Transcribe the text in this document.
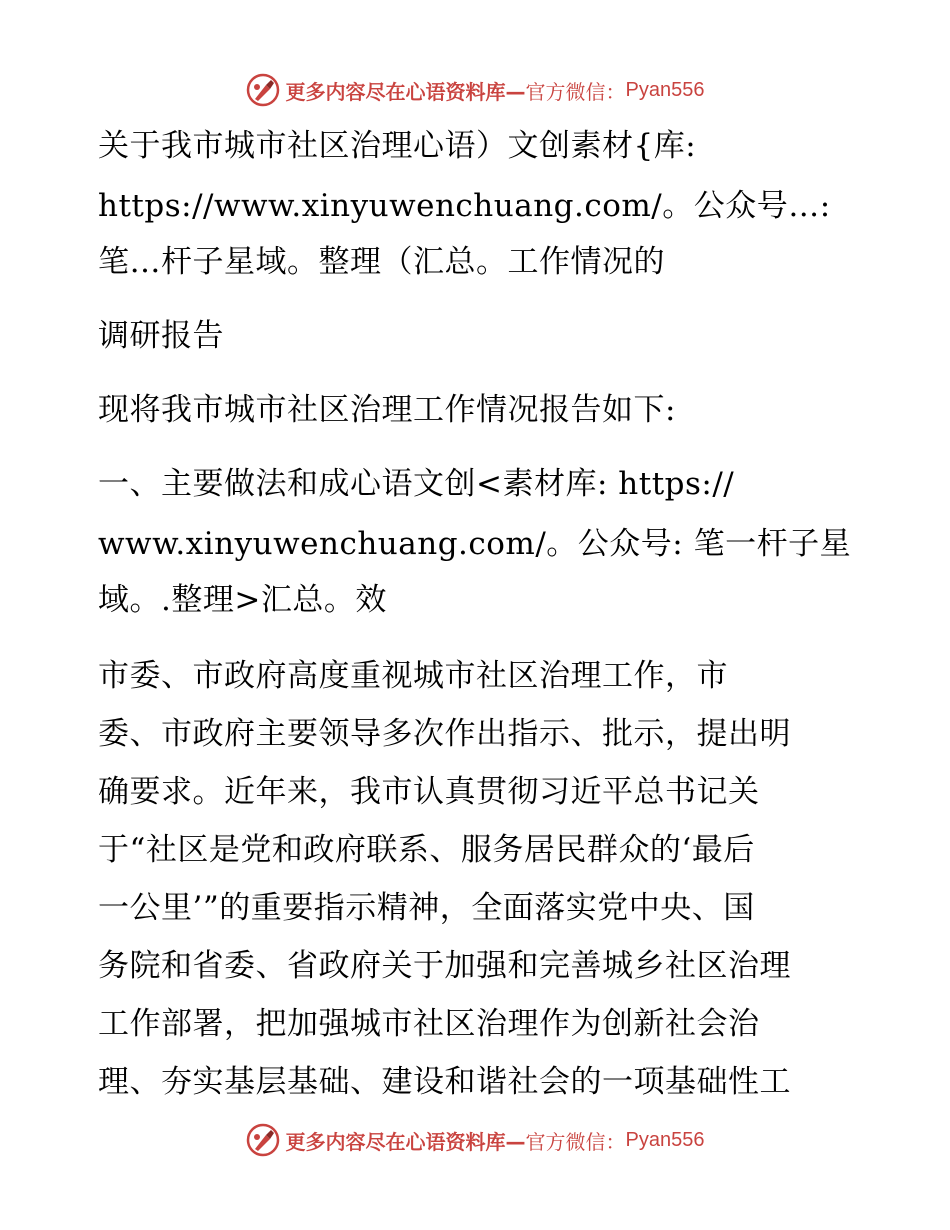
更多内容尽在心语资料库— 官方微信： Pyan556
关于我市城市社区治理心语）文创素材{库:
https://www.xinyuwenchuang.com/。公众号…:
笔…杆子星域。整理（汇总。工作情况的
调研报告
现将我市城市社区治理工作情况报告如下:
一、主要做法和成心语文创<素材库: https://
www.xinyuwenchuang.com/。公众号: 笔一杆子星
域。.整理>汇总。效
市委、市政府高度重视城市社区治理工作，市
委、市政府主要领导多次作出指示、批示，提出明
确要求。近年来，我市认真贯彻习近平总书记关
于“社区是党和政府联系、服务居民群众的‘最后
一公里’”的重要指示精神，全面落实党中央、国
务院和省委、省政府关于加强和完善城乡社区治理
工作部署，把加强城市社区治理作为创新社会治
理、夯实基层基础、建设和谐社会的一项基础性工
更多内容尽在心语资料库— 官方微信： Pyan556
